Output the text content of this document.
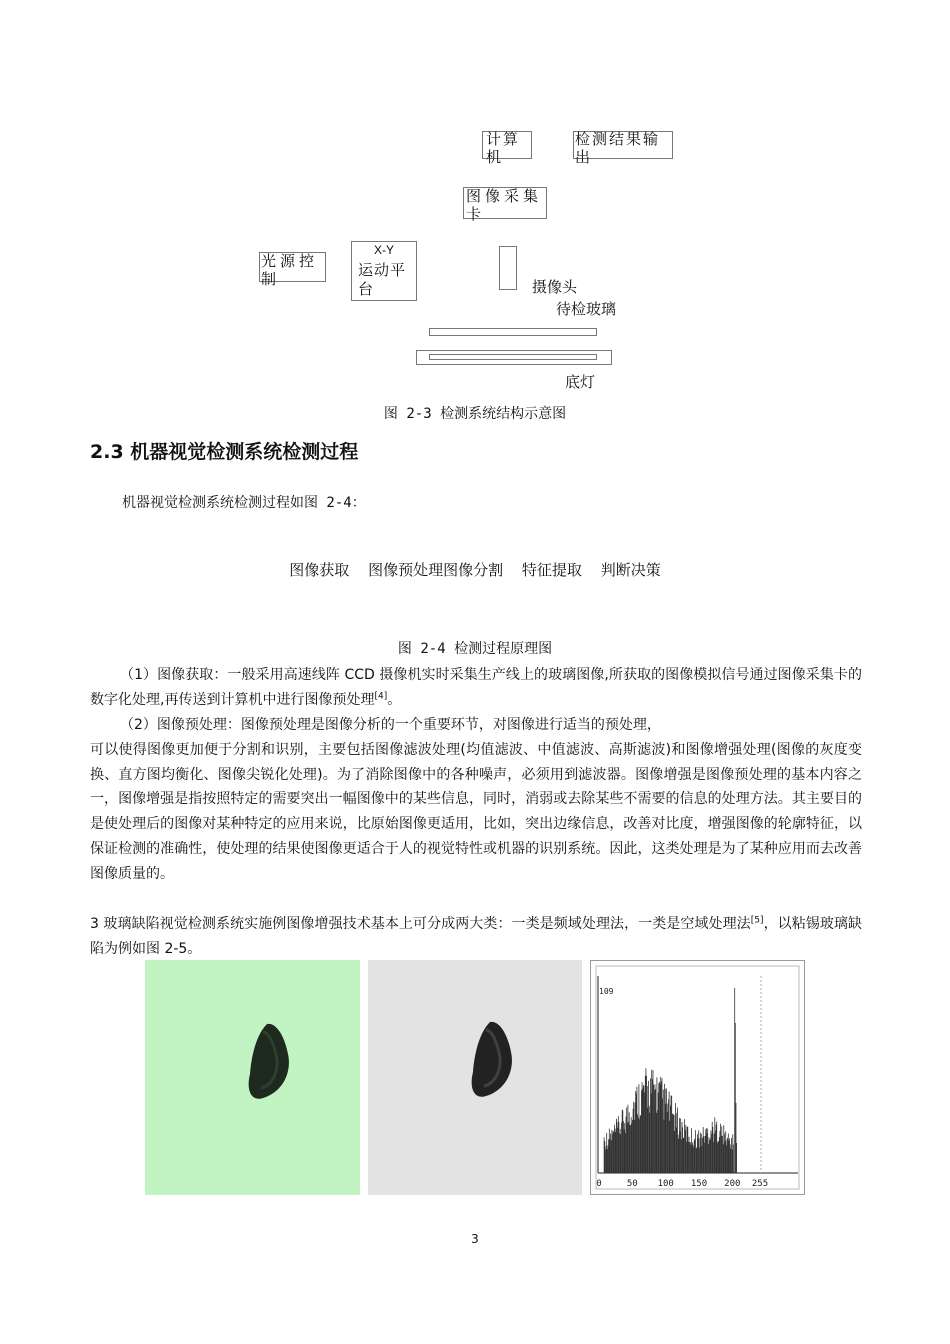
计算机
检测结果输出
图像采集卡
光源控制
X-Y
运动平台	摄像头
待检玻璃
底灯
图 2-3 检测系统结构示意图
2.3 机器视觉检测系统检测过程
机器视觉检测系统检测过程如图 2-4：
图像获取 图像预处理图像分割 特征提取 判断决策
图 2-4 检测过程原理图
（1）图像获取：一般采用高速线阵 CCD 摄像机实时采集生产线上的玻璃图像,所获取的图像模拟信号通过图像采集卡的数字化处理,再传送到计算机中进行图像预处理[4]。
（2）图像预处理：图像预处理是图像分析的一个重要环节，对图像进行适当的预处理，
可以使得图像更加便于分割和识别，主要包括图像滤波处理(均值滤波、中值滤波、高斯滤波)和图像增强处理(图像的灰度变换、直方图均衡化、图像尖锐化处理)。为了消除图像中的各种噪声，必须用到滤波器。图像增强是图像预处理的基本内容之一，图像增强是指按照特定的需要突出一幅图像中的某些信息，同时，消弱或去除某些不需要的信息的处理方法。其主要目的是使处理后的图像对某种特定的应用来说，比原始图像更适用，比如，突出边缘信息，改善对比度，增强图像的轮廓特征，以保证检测的准确性，使处理的结果使图像更适合于人的视觉特性或机器的识别系统。因此，这类处理是为了某种应用而去改善图像质量的。
3 玻璃缺陷视觉检测系统实施例图像增强技术基本上可分成两大类：一类是频域处理法，一类是空域处理法[5]，以粘锡玻璃缺陷为例如图 2-5。
109
0	50 100 150 200 255
3
